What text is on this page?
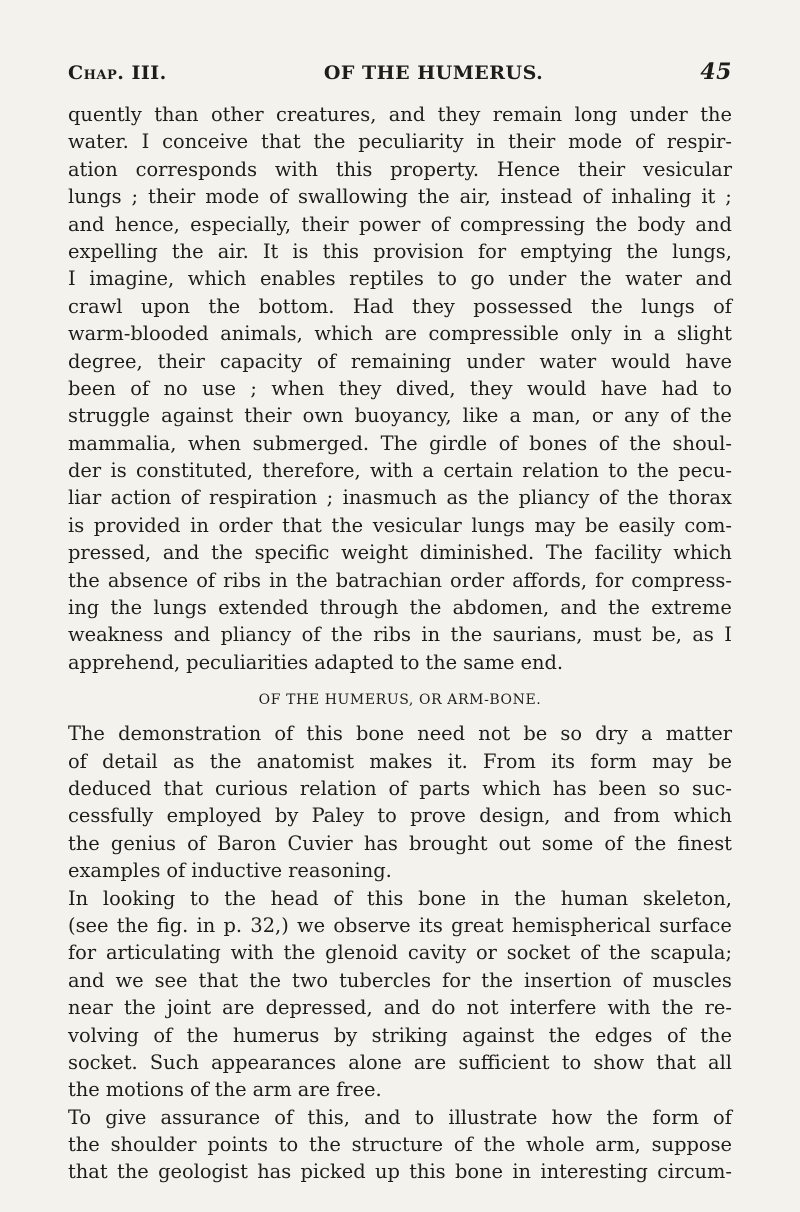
Chap. III.	OF THE HUMERUS.	45
quently than other creatures, and they remain long under the
water. I conceive that the peculiarity in their mode of respir-
ation corresponds with this property. Hence their vesicular
lungs ; their mode of swallowing the air, instead of inhaling it ;
and hence, especially, their power of compressing the body and
expelling the air. It is this provision for emptying the lungs,
I imagine, which enables reptiles to go under the water and
crawl upon the bottom. Had they possessed the lungs of
warm-blooded animals, which are compressible only in a slight
degree, their capacity of remaining under water would have
been of no use ; when they dived, they would have had to
struggle against their own buoyancy, like a man, or any of the
mammalia, when submerged. The girdle of bones of the shoul-
der is constituted, therefore, with a certain relation to the pecu-
liar action of respiration ; inasmuch as the pliancy of the thorax
is provided in order that the vesicular lungs may be easily com-
pressed, and the specific weight diminished. The facility which
the absence of ribs in the batrachian order affords, for compress-
ing the lungs extended through the abdomen, and the extreme
weakness and pliancy of the ribs in the saurians, must be, as I
apprehend, peculiarities adapted to the same end.
OF THE HUMERUS, OR ARM-BONE.
The demonstration of this bone need not be so dry a matter
of detail as the anatomist makes it. From its form may be
deduced that curious relation of parts which has been so suc-
cessfully employed by Paley to prove design, and from which
the genius of Baron Cuvier has brought out some of the finest
examples of inductive reasoning.
In looking to the head of this bone in the human skeleton,
(see the fig. in p. 32,) we observe its great hemispherical surface
for articulating with the glenoid cavity or socket of the scapula;
and we see that the two tubercles for the insertion of muscles
near the joint are depressed, and do not interfere with the re-
volving of the humerus by striking against the edges of the
socket. Such appearances alone are sufficient to show that all
the motions of the arm are free.
To give assurance of this, and to illustrate how the form of
the shoulder points to the structure of the whole arm, suppose
that the geologist has picked up this bone in interesting circum-
